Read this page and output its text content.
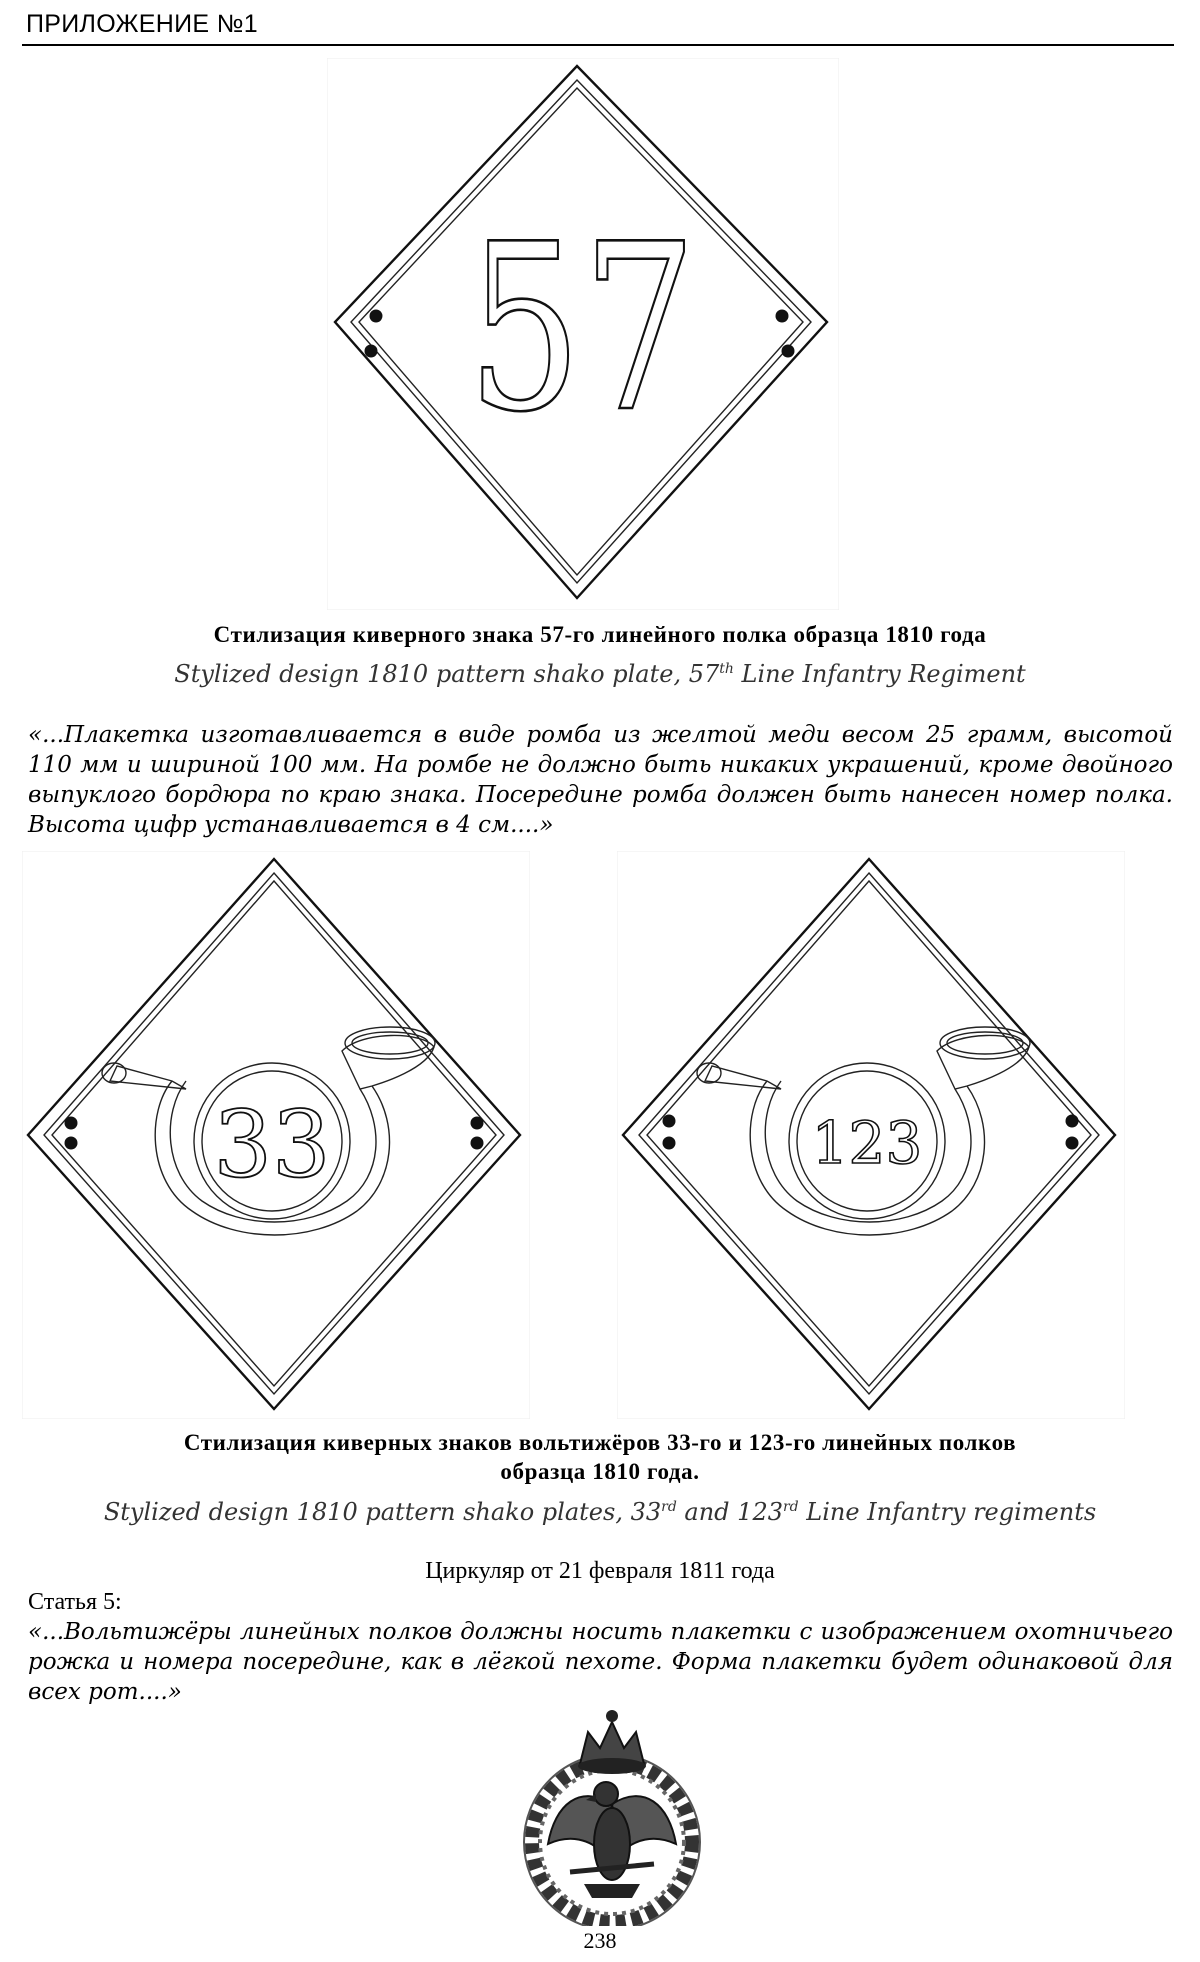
ПРИЛОЖЕНИЕ №1
57
Стилизация киверного знака 57-го линейного полка образца 1810 года
Stylized design 1810 pattern shako plate, 57th Line Infantry Regiment
«...Плакетка изготавливается в виде ромба из желтой меди весом 25 грамм, высотой 110 мм и шириной 100 мм. На ромбе не должно быть никаких украшений, кроме двойного выпуклого бордюра по краю знака. Посередине ромба должен быть нанесен номер полка. Высота цифр устанавливается в 4 см....»
33	123
Стилизация киверных знаков вольтижёров 33-го и 123-го линейных полков
образца 1810 года.
Stylized design 1810 pattern shako plates, 33rd and 123rd Line Infantry regiments
Циркуляр от 21 февраля 1811 года
Статья 5:
«...Вольтижёры линейных полков должны носить плакетки с изображением охотничьего рожка и номера посередине, как в лёгкой пехоте. Форма плакетки будет одинаковой для всех рот....»
238
